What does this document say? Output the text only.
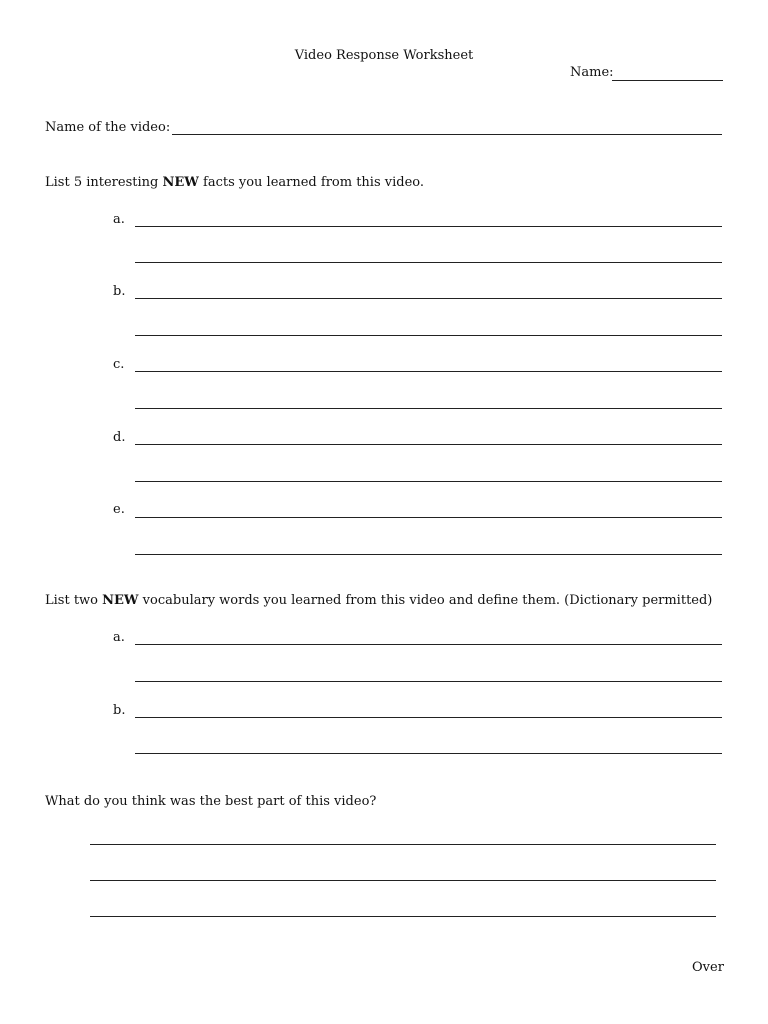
Video Response Worksheet
Name:
Name of the video:
List 5 interesting NEW facts you learned from this video.
a.
b.
c.
d.
e.
List two NEW vocabulary words you learned from this video and define them. (Dictionary permitted)
a.
b.
What do you think was the best part of this video?
Over
